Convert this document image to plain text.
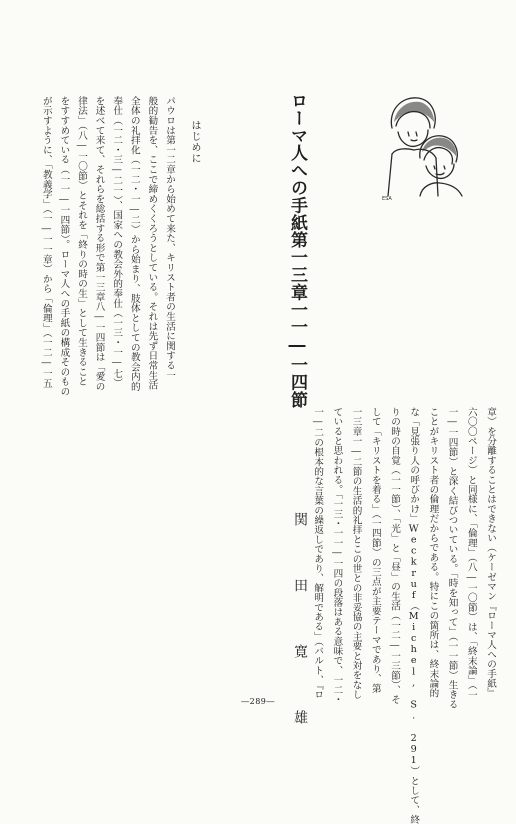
パウロは第一二章から始めて来た、キリスト者の生活に関する一

般的勧告を、ここで締めくくろうとしている。それは先ず日常生活

全体の礼拝化（一二・一―二）から始まり、肢体としての教会内的

奉仕（一二・三―二一）、国家への教会外的奉仕（一三・一―七）

を述べて来て、それらを総括する形で第一三章八―一四節は「愛の

律法」（八―一〇節）とそれを「終りの時の生」として生きること

をすすめている（一一―一四節）。ローマ人への手紙の構成そのもの

が示すように、「教義学」（一―一一章）から「倫理」（一二―一五	はじめに	ローマ人への手紙第一三章一一―一四節	ESA

章）を分離することはできない（ケーゼマン『ローマ人への手紙』

六〇〇ページ）と同様に、「倫理」（八―一〇節）は、「終末論」（一

一―一四節）と深く結びついている。「時を知って」（一一節）生きる

ことがキリスト者の倫理だからである。特にこの箇所は、終末論的

な「見張り人の呼びかけ」Weckruf（Michel, S. 291）として、終

りの時の自覚（一一節）、「光」と「昼」の生活（一二―一三節）、そ

して「キリストを着る」（一四節）の三点が主要テーマであり、第

一三章一―二節の生活的礼拝とこの世との非妥協の主要と対をなし

ていると思われる。「一三・一一―一四の段落はある意味で、一二・

一―二の根本的な言葉の繰返しであり、解明である」（バルト、『ロ

関 田 寛 雄

―289―
